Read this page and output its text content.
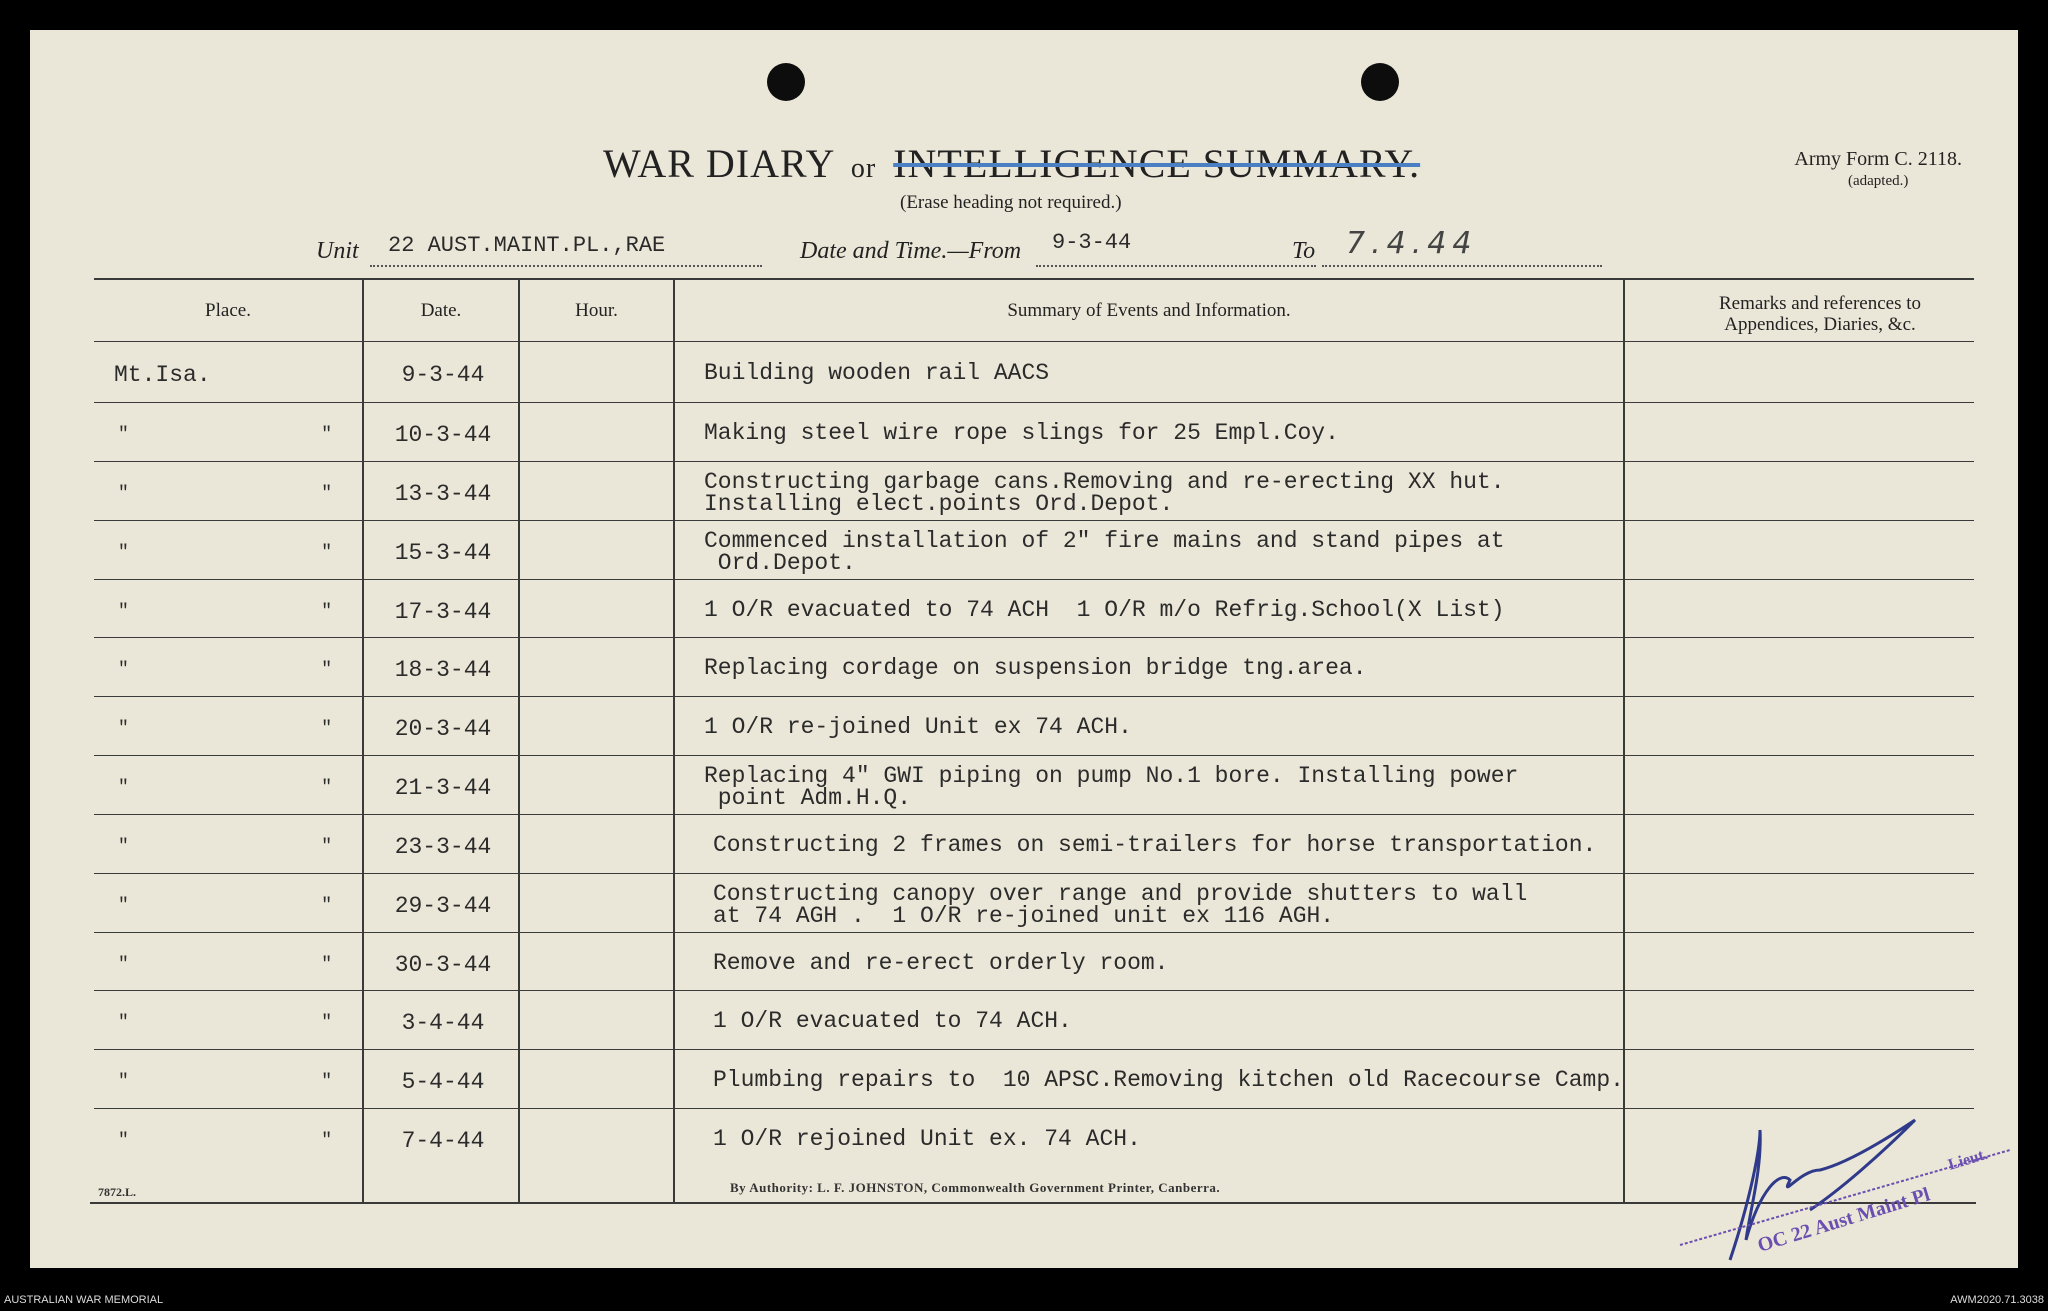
WAR DIARY or INTELLIGENCE SUMMARY.
(Erase heading not required.)
Army Form C. 2118.
(adapted.)
Unit 22 AUST.MAINT.PL.,RAE	Date and Time.—From 9-3-44	To 7.4.44
Place.	Date.	Hour.	Summary of Events and Information.	Remarks and references to Appendices, Diaries, &c.
Mt.Isa.	9-3-44	Building wooden rail AACS
"   " 10-3-44	Making steel wire rope slings for 25 Empl.Coy.
"   " 13-3-44	Constructing garbage cans.Removing and re-erecting XX hut.
Installing elect.points Ord.Depot.
"   " 15-3-44	Commenced installation of 2" fire mains and stand pipes at
Ord.Depot.
"   " 17-3-44	1 O/R evacuated to 74 ACH  1 O/R m/o Refrig.School(X List)
"   " 18-3-44	Replacing cordage on suspension bridge tng.area.
"   " 20-3-44	1 O/R re-joined Unit ex 74 ACH.
"   " 21-3-44	Replacing 4" GWI piping on pump No.1 bore. Installing power
point Adm.H.Q.
"   " 23-3-44	Constructing 2 frames on semi-trailers for horse transportation.
"   " 29-3-44	Constructing canopy over range and provide shutters to wall
at 74 AGH .  1 O/R re-joined unit ex 116 AGH.
"   " 30-3-44	Remove and re-erect orderly room.
"   "	3-4-44	1 O/R evacuated to 74 ACH.
"   "	5-4-44	Plumbing repairs to  10 APSC.Removing kitchen old Racecourse Camp.
"   "	7-4-44	1 O/R rejoined Unit ex. 74 ACH.
7872.L.	By Authority: L. F. JOHNSTON, Commonwealth Government Printer, Canberra.	OC 22 Aust Maint Pl
Lieut.
AUSTRALIAN WAR MEMORIAL	AWM2020.71.3038
